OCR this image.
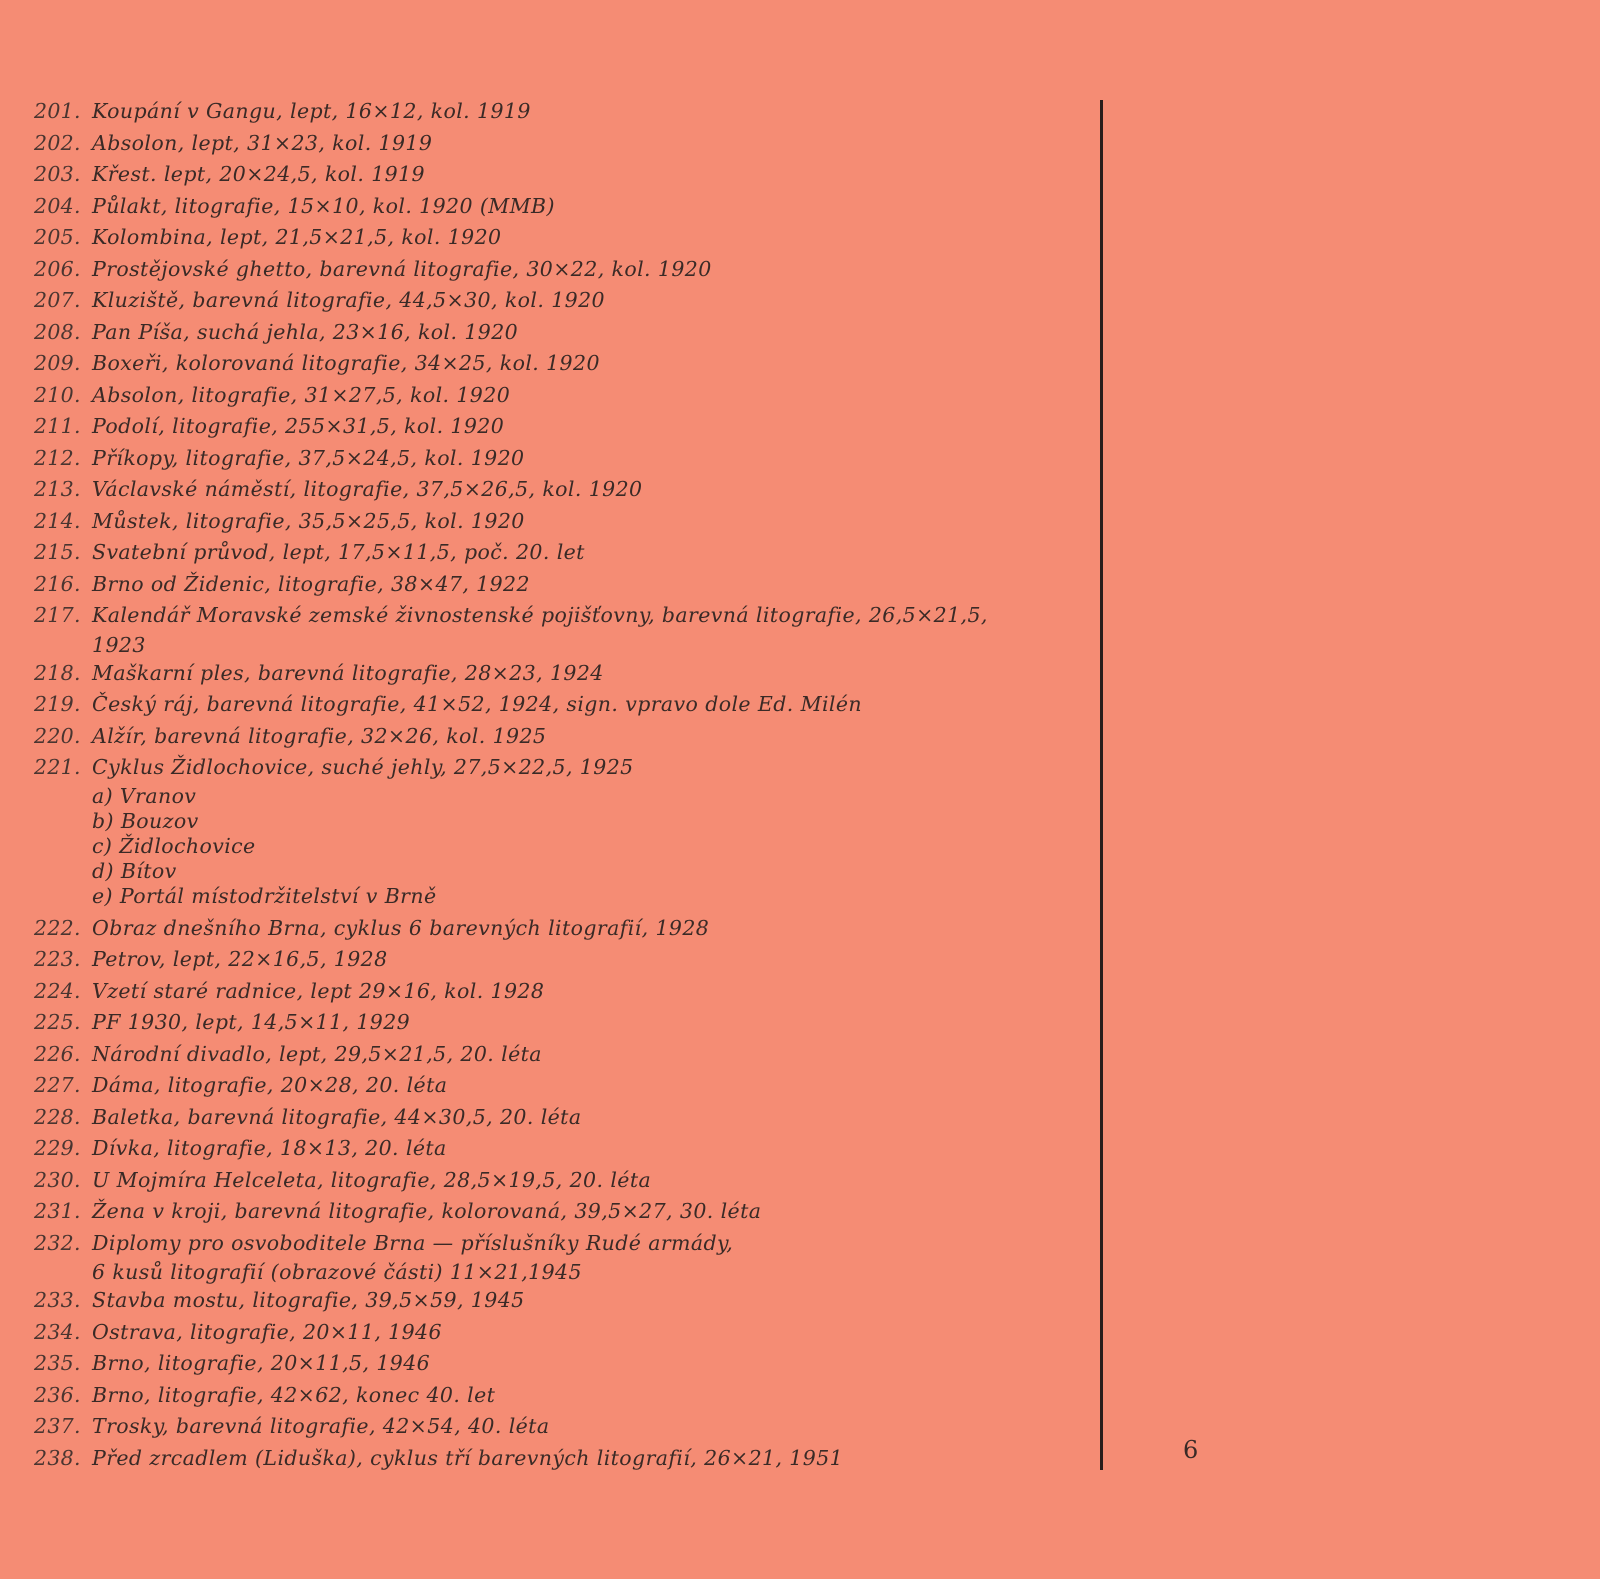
201. Koupání v Gangu, lept, 16×12, kol. 1919
202. Absolon, lept, 31×23, kol. 1919
203. Křest. lept, 20×24,5, kol. 1919
204. Půlakt, litografie, 15×10, kol. 1920 (MMB)
205. Kolombina, lept, 21,5×21,5, kol. 1920
206. Prostějovské ghetto, barevná litografie, 30×22, kol. 1920
207. Kluziště, barevná litografie, 44,5×30, kol. 1920
208. Pan Píša, suchá jehla, 23×16, kol. 1920
209. Boxeři, kolorovaná litografie, 34×25, kol. 1920
210. Absolon, litografie, 31×27,5, kol. 1920
211. Podolí, litografie, 255×31,5, kol. 1920
212. Příkopy, litografie, 37,5×24,5, kol. 1920
213. Václavské náměstí, litografie, 37,5×26,5, kol. 1920
214. Můstek, litografie, 35,5×25,5, kol. 1920
215. Svatební průvod, lept, 17,5×11,5, poč. 20. let
216. Brno od Židenic, litografie, 38×47, 1922
217. Kalendář Moravské zemské živnostenské pojišťovny, barevná litografie, 26,5×21,5,
1923
218. Maškarní ples, barevná litografie, 28×23, 1924
219. Český ráj, barevná litografie, 41×52, 1924, sign. vpravo dole Ed. Milén
220. Alžír, barevná litografie, 32×26, kol. 1925
221. Cyklus Židlochovice, suché jehly, 27,5×22,5, 1925
a) Vranov
b) Bouzov
c) Židlochovice
d) Bítov
e) Portál místodržitelství v Brně
222. Obraz dnešního Brna, cyklus 6 barevných litografií, 1928
223. Petrov, lept, 22×16,5, 1928
224. Vzetí staré radnice, lept 29×16, kol. 1928
225. PF 1930, lept, 14,5×11, 1929
226. Národní divadlo, lept, 29,5×21,5, 20. léta
227. Dáma, litografie, 20×28, 20. léta
228. Baletka, barevná litografie, 44×30,5, 20. léta
229. Dívka, litografie, 18×13, 20. léta
230. U Mojmíra Helceleta, litografie, 28,5×19,5, 20. léta
231. Žena v kroji, barevná litografie, kolorovaná, 39,5×27, 30. léta
232. Diplomy pro osvoboditele Brna — příslušníky Rudé armády,
6 kusů litografií (obrazové části) 11×21,1945
233. Stavba mostu, litografie, 39,5×59, 1945
234. Ostrava, litografie, 20×11, 1946
235. Brno, litografie, 20×11,5, 1946
236. Brno, litografie, 42×62, konec 40. let
237. Trosky, barevná litografie, 42×54, 40. léta
238. Před zrcadlem (Liduška), cyklus tří barevných litografií, 26×21, 1951	6
